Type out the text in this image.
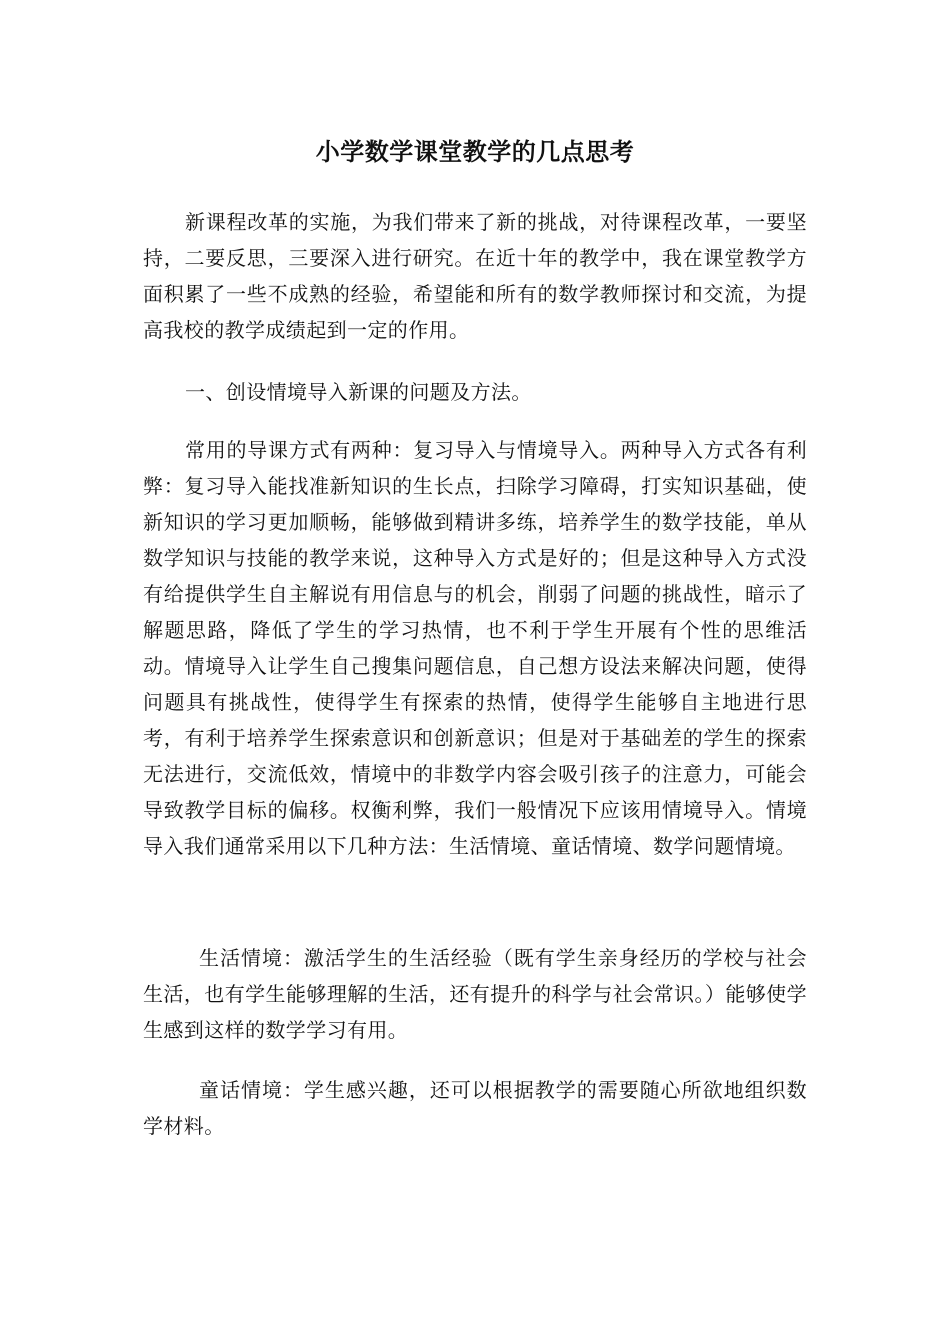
小学数学课堂教学的几点思考

新课程改革的实施，为我们带来了新的挑战，对待课程改革，一要坚持，二要反思，三要深入进行研究。在近十年的教学中，我在课堂教学方面积累了一些不成熟的经验，希望能和所有的数学教师探讨和交流，为提高我校的教学成绩起到一定的作用。

一、创设情境导入新课的问题及方法。

常用的导课方式有两种：复习导入与情境导入。两种导入方式各有利弊：复习导入能找准新知识的生长点，扫除学习障碍，打实知识基础，使新知识的学习更加顺畅，能够做到精讲多练，培养学生的数学技能，单从数学知识与技能的教学来说，这种导入方式是好的；但是这种导入方式没有给提供学生自主解说有用信息与的机会，削弱了问题的挑战性，暗示了解题思路，降低了学生的学习热情，也不利于学生开展有个性的思维活动。情境导入让学生自己搜集问题信息，自己想方设法来解决问题，使得问题具有挑战性，使得学生有探索的热情，使得学生能够自主地进行思考，有利于培养学生探索意识和创新意识；但是对于基础差的学生的探索无法进行，交流低效，情境中的非数学内容会吸引孩子的注意力，可能会导致教学目标的偏移。权衡利弊，我们一般情况下应该用情境导入。情境导入我们通常采用以下几种方法：生活情境、童话情境、数学问题情境。

生活情境：激活学生的生活经验（既有学生亲身经历的学校与社会生活，也有学生能够理解的生活，还有提升的科学与社会常识。）能够使学生感到这样的数学学习有用。

童话情境：学生感兴趣，还可以根据教学的需要随心所欲地组织数学材料。
